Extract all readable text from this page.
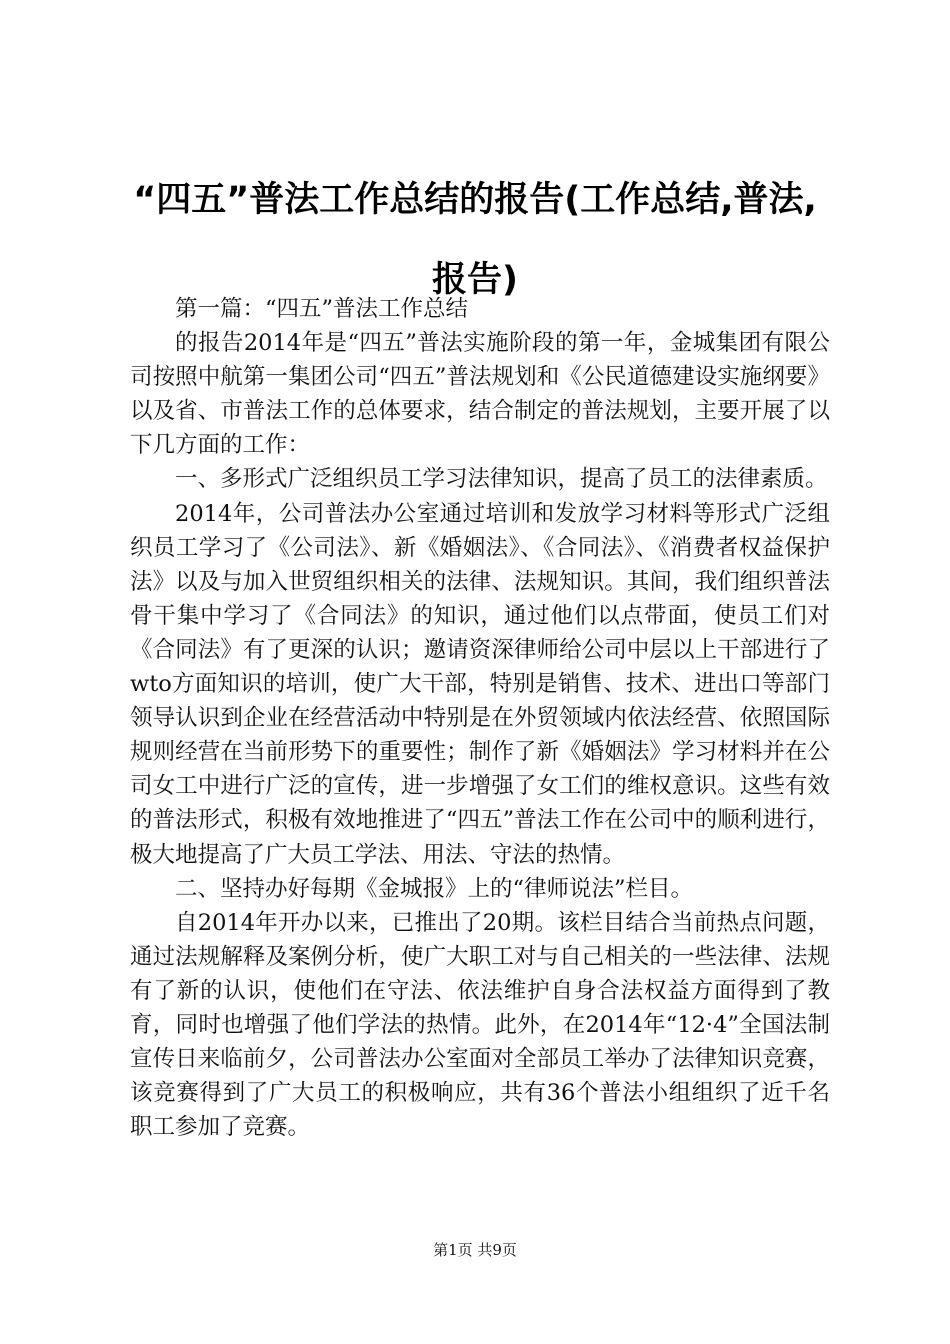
“四五”普法工作总结的报告(工作总结,普法,
报告)

第一篇：“四五”普法工作总结

的报告2014年是“四五”普法实施阶段的第一年，金城集团有限公司按照中航第一集团公司“四五”普法规划和《公民道德建设实施纲要》以及省、市普法工作的总体要求，结合制定的普法规划，主要开展了以下几方面的工作：

一、多形式广泛组织员工学习法律知识，提高了员工的法律素质。

2014年，公司普法办公室通过培训和发放学习材料等形式广泛组织员工学习了《公司法》、新《婚姻法》、《合同法》、《消费者权益保护法》以及与加入世贸组织相关的法律、法规知识。其间，我们组织普法骨干集中学习了《合同法》的知识，通过他们以点带面，使员工们对《合同法》有了更深的认识；邀请资深律师给公司中层以上干部进行了wto方面知识的培训，使广大干部，特别是销售、技术、进出口等部门领导认识到企业在经营活动中特别是在外贸领域内依法经营、依照国际规则经营在当前形势下的重要性；制作了新《婚姻法》学习材料并在公司女工中进行广泛的宣传，进一步增强了女工们的维权意识。这些有效的普法形式，积极有效地推进了“四五”普法工作在公司中的顺利进行，极大地提高了广大员工学法、用法、守法的热情。

二、坚持办好每期《金城报》上的“律师说法”栏目。

自2014年开办以来，已推出了20期。该栏目结合当前热点问题，通过法规解释及案例分析，使广大职工对与自己相关的一些法律、法规有了新的认识，使他们在守法、依法维护自身合法权益方面得到了教育，同时也增强了他们学法的热情。此外，在2014年“12·4”全国法制宣传日来临前夕，公司普法办公室面对全部员工举办了法律知识竞赛，该竞赛得到了广大员工的积极响应，共有36个普法小组组织了近千名职工参加了竞赛。

第1页 共9页
